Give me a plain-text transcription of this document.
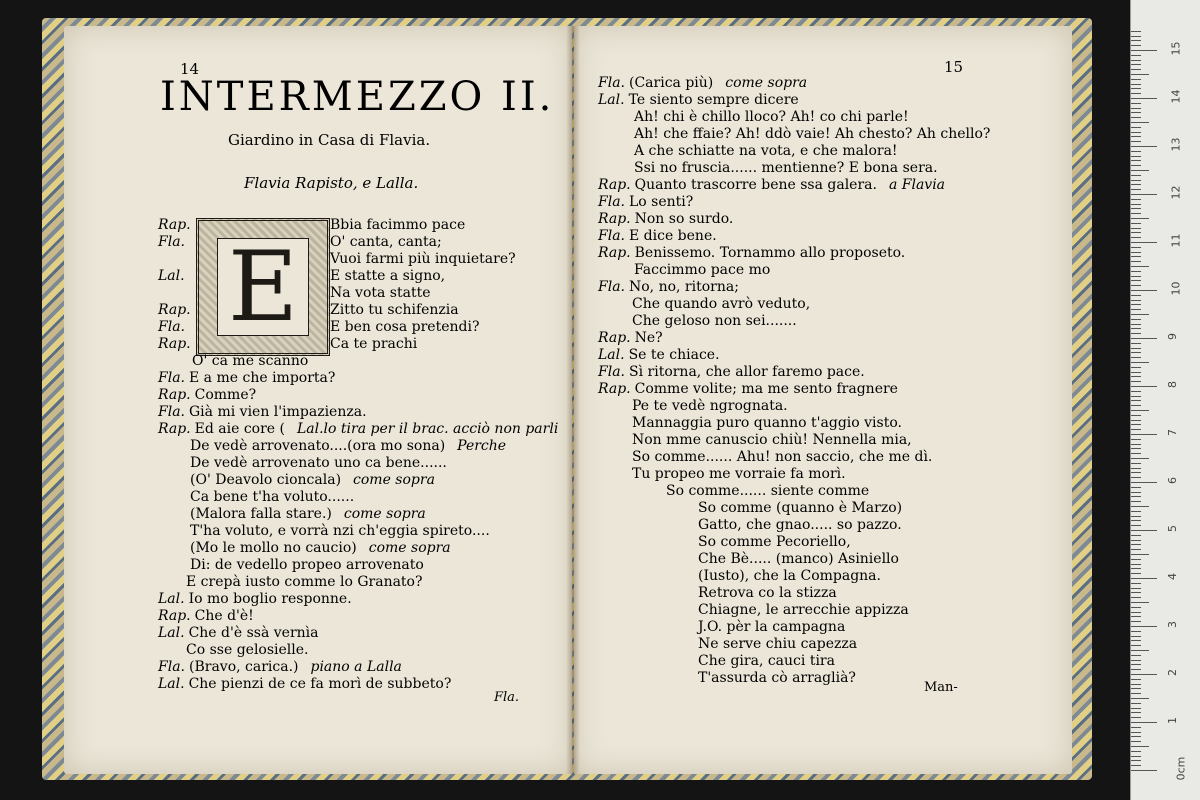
14
INTERMEZZO II.
Giardino in Casa di Flavia.
Flavia Rapisto, e Lalla.
E
Fla.
Rap.	Bbia facimmo pace
Fla.	O' canta, canta;
Vuoi farmi più inquietare?
Lal.	E statte a signo,
Na vota statte
Rap.	Zitto tu schifenzia
Fla.	E ben cosa pretendi?
Rap.	Ca te prachi
O' ca me scanno
Fla. E a me che importa?
Rap. Comme?
Fla. Già mi vien l'impazienza.
Rap. Ed aie core ( Lal.lo tira per il brac. acciò non parli
De vedè arrovenato....(ora mo sona) Perche
De vedè arrovenato uno ca bene......
(O' Deavolo cioncala) come sopra
Ca bene t'ha voluto......
(Malora falla stare.) come sopra
T'ha voluto, e vorrà nzi ch'eggia spireto....
(Mo le mollo no caucio) come sopra
Di: de vedello propeo arrovenato
E crepà iusto comme lo Granato?
Lal. Io mo boglio responne.
Rap. Che d'è!
Lal. Che d'è ssà vernìa
Co sse gelosielle.
Fla. (Bravo, carica.) piano a Lalla
Lal. Che pienzi de ce fa morì de subbeto?
15
Man-
Fla. (Carica più) come sopra
Lal. Te siento sempre dicere
Ah! chi è chillo lloco? Ah! co chi parle!
Ah! che ffaie? Ah! ddò vaie! Ah chesto? Ah chello?
A che schiatte na vota, e che malora!
Ssi no fruscia...... mentienne? E bona sera.
Rap. Quanto trascorre bene ssa galera. a Flavia
Fla. Lo senti?
Rap. Non so surdo.
Fla. E dice bene.
Rap. Benissemo. Tornammo allo proposeto.
Faccimmo pace mo
Fla. No, no, ritorna;
Che quando avrò veduto,
Che geloso non sei.......
Rap. Ne?
Lal. Se te chiace.
Fla. Sì ritorna, che allor faremo pace.
Rap. Comme volite; ma me sento fragnere
Pe te vedè ngrognata.
Mannaggia puro quanno t'aggio visto.
Non mme canuscio chiù! Nennella mia,
So comme...... Ahu! non saccio, che me dì.
Tu propeo me vorraie fa morì.
So comme...... siente comme
So comme (quanno è Marzo)
Gatto, che gnao..... so pazzo.
So comme Pecoriello,
Che Bè..... (manco) Asiniello
(Iusto), che la Compagna.
Retrova co la stizza
Chiagne, le arrecchie appizza
J.O. pèr la campagna
Ne serve chiu capezza
Che gira, cauci tira
T'assurda cò arraglià?
0cm
1
2
3
4
5
6
7
8
9
10
11
12
13
14
15
